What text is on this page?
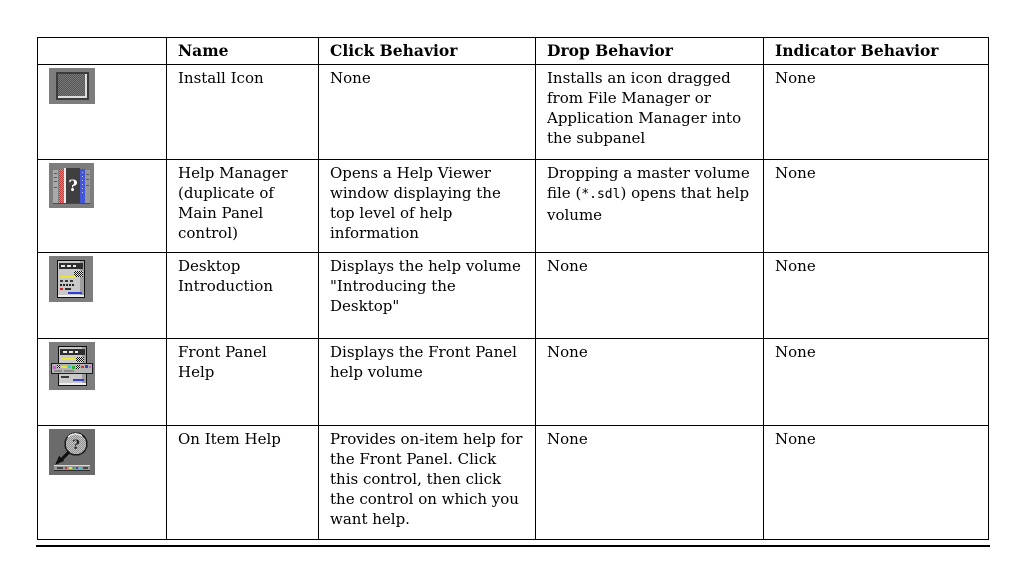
	Name	Click Behavior	Drop Behavior	Indicator Behavior
	Install Icon	None	Installs an icon dragged from File Manager or Application Manager into the subpanel	None

?	Help Manager (duplicate of Main Panel control)	Opens a Help Viewer window displaying the top level of help information	Dropping a master volume file (*.sdl) opens that help volume	None
	Desktop Introduction	Displays the help volume "Introducing the Desktop"	None	None
	Front Panel Help	Displays the Front Panel help volume	None	None

?	On Item Help	Provides on-item help for the Front Panel. Click this control, then click the control on which you want help.	None	None
